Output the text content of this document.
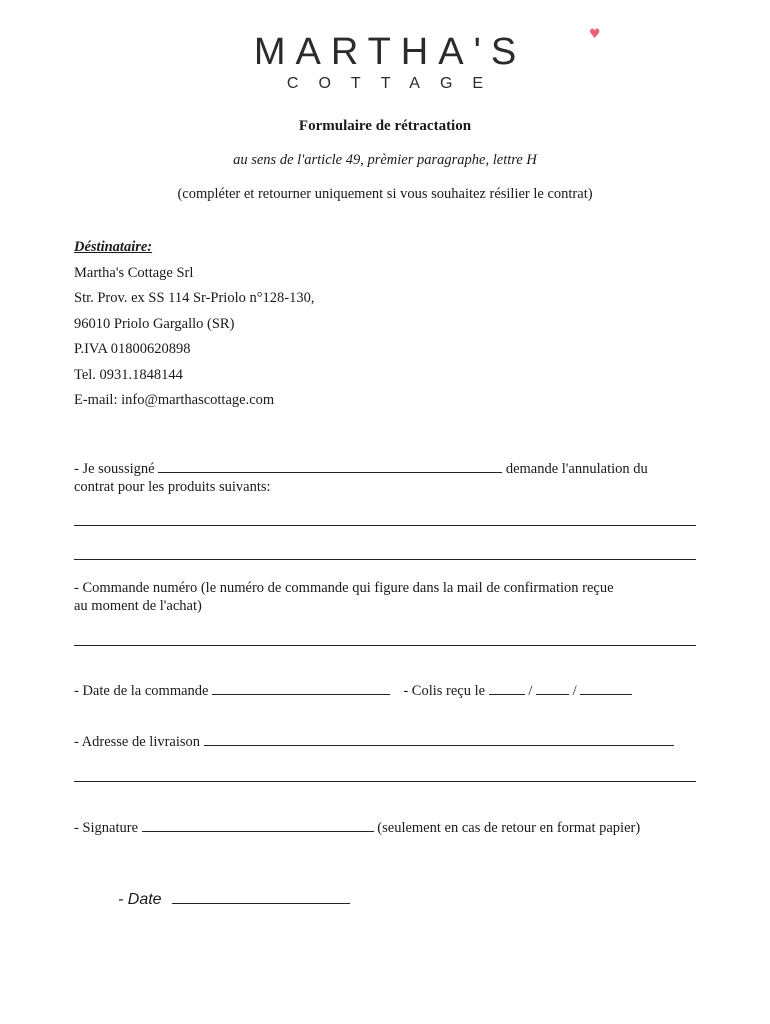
MARTHA'S	♥
COTTAGE
Formulaire de rétractation
au sens de l'article 49, prèmier paragraphe, lettre H
(compléter et retourner uniquement si vous souhaitez résilier le contrat)
Déstinataire:
Martha's Cottage Srl
Str. Prov. ex SS 114 Sr-Priolo n°128-130,
96010 Priolo Gargallo (SR)
P.IVA 01800620898
Tel. 0931.1848144
E-mail: info@marthascottage.com
- Je soussigné	demande l'annulation du
contrat pour les produits suivants:
- Commande numéro (le numéro de commande qui figure dans la mail de confirmation reçue
au moment de l'achat)
- Date de la commande	- Colis reçu le	/	/
- Adresse de livraison
- Signature	(seulement en cas de retour en format papier)
- Date
